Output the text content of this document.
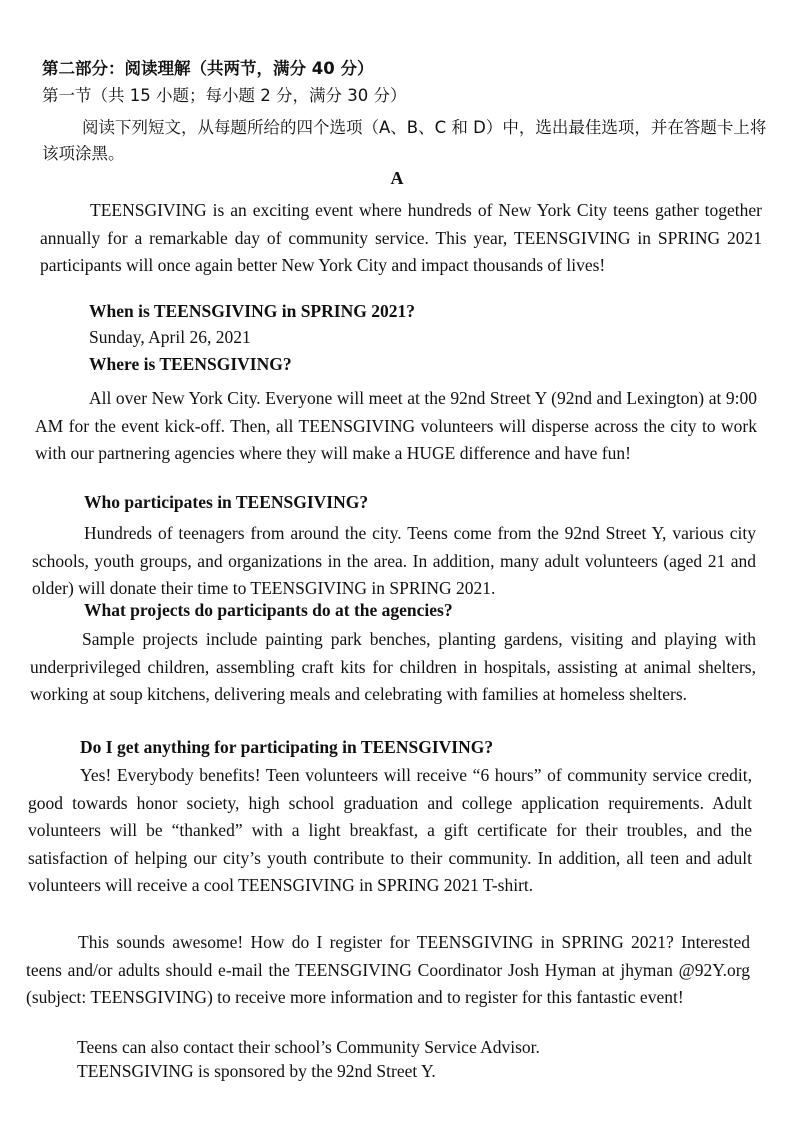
第二部分：阅读理解（共两节，满分 40 分）

第一节（共 15 小题；每小题 2 分，满分 30 分）

阅读下列短文，从每题所给的四个选项（A、B、C 和 D）中，选出最佳选项，并在答题卡上将该项涂黑。

A

TEENSGIVING is an exciting event where hundreds of New York City teens gather together annually for a remarkable day of community service. This year, TEENSGIVING in SPRING 2021 participants will once again better New York City and impact thousands of lives!

When is TEENSGIVING in SPRING 2021?

Sunday, April 26, 2021

Where is TEENSGIVING?

All over New York City. Everyone will meet at the 92nd Street Y (92nd and Lexington) at 9:00 AM for the event kick-off. Then, all TEENSGIVING volunteers will disperse across the city to work with our partnering agencies where they will make a HUGE difference and have fun!

Who participates in TEENSGIVING?

Hundreds of teenagers from around the city. Teens come from the 92nd Street Y, various city schools, youth groups, and organizations in the area. In addition, many adult volunteers (aged 21 and older) will donate their time to TEENSGIVING in SPRING 2021.

What projects do participants do at the agencies?

Sample projects include painting park benches, planting gardens, visiting and playing with underprivileged children, assembling craft kits for children in hospitals, assisting at animal shelters, working at soup kitchens, delivering meals and celebrating with families at homeless shelters.

Do I get anything for participating in TEENSGIVING?

Yes! Everybody benefits! Teen volunteers will receive “6 hours” of community service credit, good towards honor society, high school graduation and college application requirements. Adult volunteers will be “thanked” with a light breakfast, a gift certificate for their troubles, and the satisfaction of helping our city’s youth contribute to their community. In addition, all teen and adult volunteers will receive a cool TEENSGIVING in SPRING 2021 T-shirt.

This sounds awesome! How do I register for TEENSGIVING in SPRING 2021? Interested teens and/or adults should e-mail the TEENSGIVING Coordinator Josh Hyman at jhyman @92Y.org (subject: TEENSGIVING) to receive more information and to register for this fantastic event!

Teens can also contact their school’s Community Service Advisor.

TEENSGIVING is sponsored by the 92nd Street Y.
